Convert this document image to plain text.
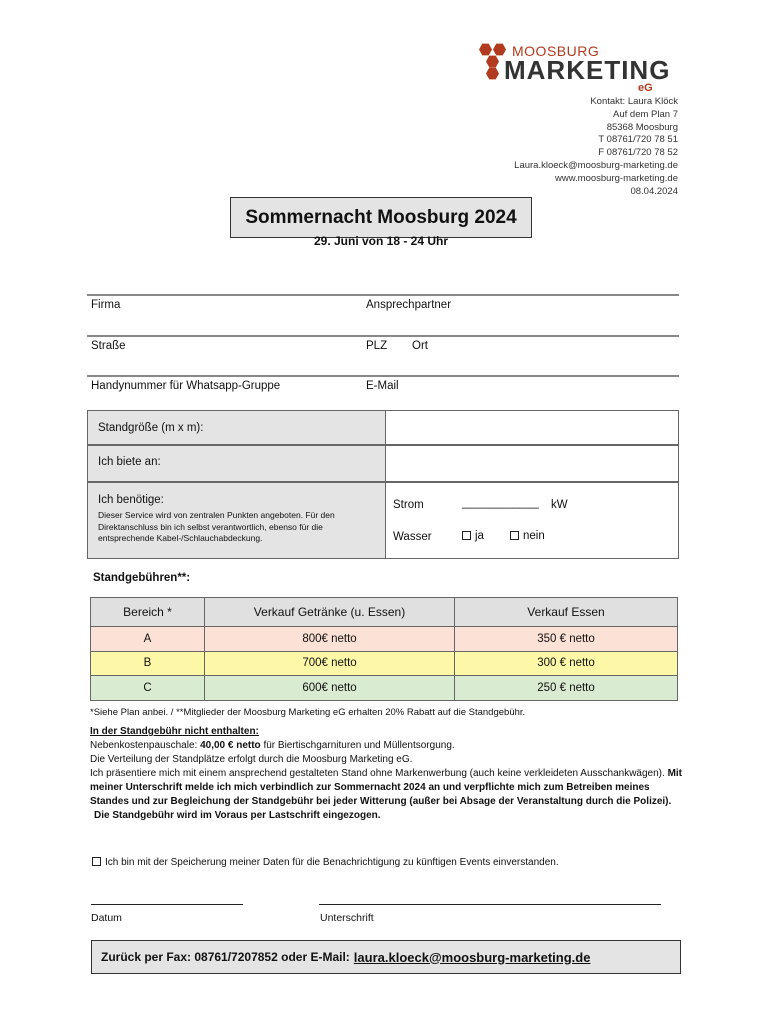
MOOSBURG
MARKETING
eG
Kontakt: Laura Klöck
Auf dem Plan 7
85368 Moosburg
T 08761/720 78 51
F 08761/720 78 52
Laura.kloeck@moosburg-marketing.de
www.moosburg-marketing.de
08.04.2024
Sommernacht Moosburg 2024
29. Juni von 18 - 24 Uhr
Firma	Ansprechpartner
Straße	PLZ Ort
Handynummer für Whatsapp-Gruppe	E-Mail
Standgröße (m x m):
Ich biete an:
Ich benötige:
Dieser Service wird von zentralen Punkten angeboten. Für den Direktanschluss bin ich selbst verantwortlich, ebenso für die entsprechende Kabel-/Schlauchabdeckung.
Strom	____________ kW
Wasser	ja	nein
Standgebühren**:
Bereich *	Verkauf Getränke (u. Essen)	Verkauf Essen
A	800€ netto	350 € netto
B	700€ netto	300 € netto
C	600€ netto	250 € netto
*Siehe Plan anbei. / **Mitglieder der Moosburg Marketing eG erhalten 20% Rabatt auf die Standgebühr.
In der Standgebühr nicht enthalten:
Nebenkostenpauschale: 40,00 € netto für Biertischgarnituren und Müllentsorgung.
Die Verteilung der Standplätze erfolgt durch die Moosburg Marketing eG.
Ich präsentiere mich mit einem ansprechend gestalteten Stand ohne Markenwerbung (auch keine verkleideten Ausschankwägen). Mit meiner Unterschrift melde ich mich verbindlich zur Sommernacht 2024 an und verpflichte mich zum Betreiben meines Standes und zur Begleichung der Standgebühr bei jeder Witterung (außer bei Absage der Veranstaltung durch die Polizei).
Die Standgebühr wird im Voraus per Lastschrift eingezogen.
Ich bin mit der Speicherung meiner Daten für die Benachrichtigung zu künftigen Events einverstanden.
Datum	Unterschrift
Zurück per Fax: 08761/7207852 oder E-Mail: laura.kloeck@moosburg-marketing.de
